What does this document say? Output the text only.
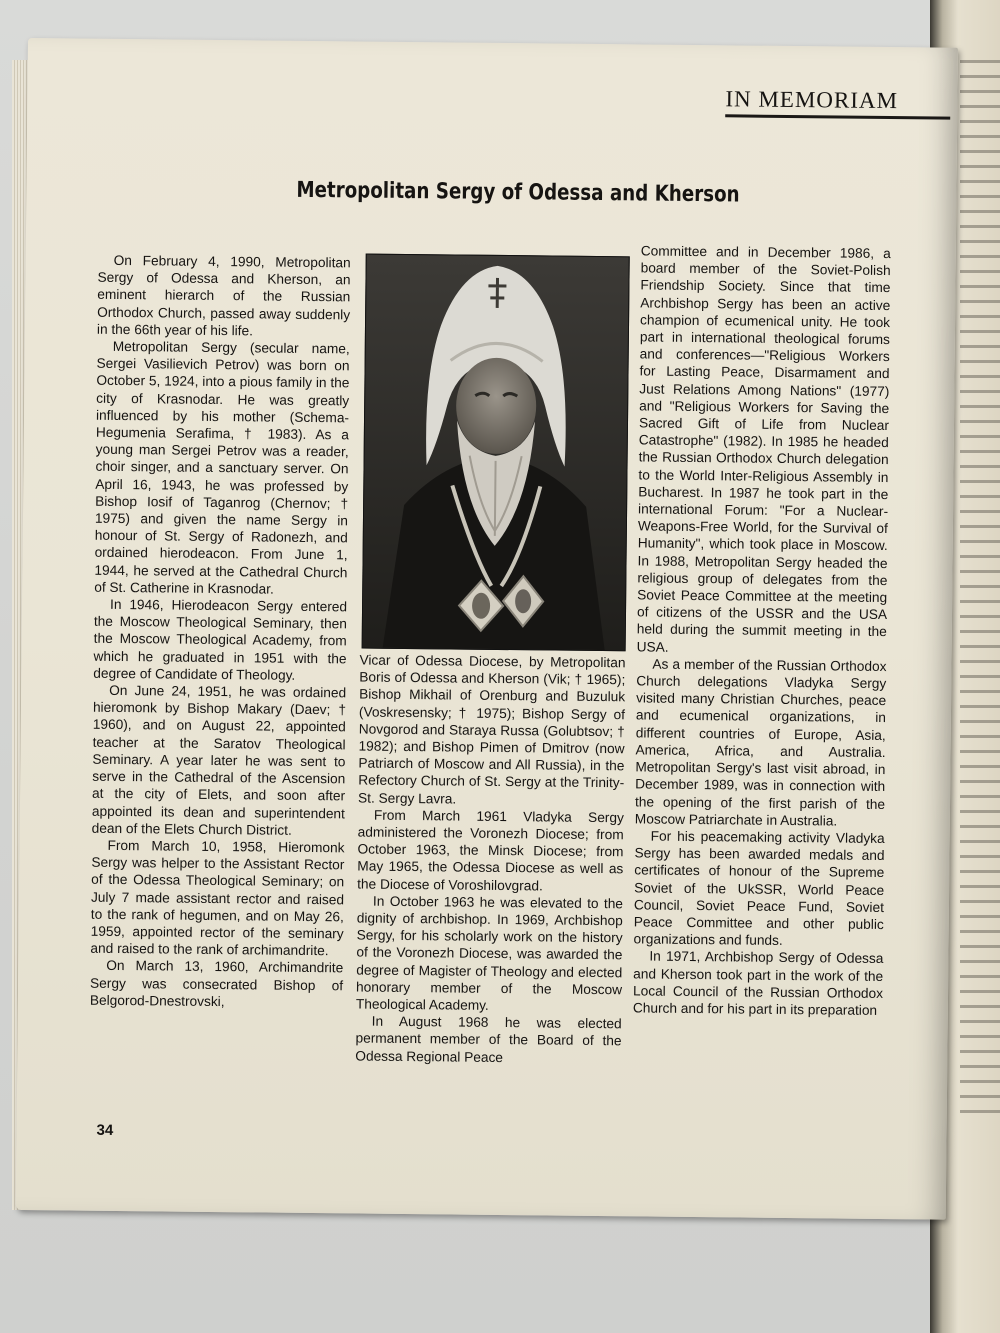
IN MEMORIAM
Metropolitan Sergy of Odessa and Kherson

On February 4, 1990, Metropolitan Sergy of Odessa and Kherson, an eminent hierarch of the Russian Orthodox Church, passed away suddenly in the 66th year of his life.

Metropolitan Sergy (secular name, Sergei Vasilievich Petrov) was born on October 5, 1924, into a pious family in the city of Krasnodar. He was greatly influenced by his mother (Schema-Hegumenia Serafima, † 1983). As a young man Sergei Petrov was a reader, choir singer, and a sanctuary server. On April 16, 1943, he was professed by Bishop Iosif of Taganrog (Chernov; † 1975) and given the name Sergy in honour of St. Sergy of Radonezh, and ordained hierodeacon. From June 1, 1944, he served at the Cathedral Church of St. Catherine in Krasnodar.

In 1946, Hierodeacon Sergy entered the Moscow Theological Seminary, then the Moscow Theological Academy, from which he graduated in 1951 with the degree of Candidate of Theology.

On June 24, 1951, he was ordained hieromonk by Bishop Makary (Daev; † 1960), and on August 22, appointed teacher at the Saratov Theological Seminary. A year later he was sent to serve in the Cathedral of the Ascension at the city of Elets, and soon after appointed its dean and superintendent dean of the Elets Church District.

From March 10, 1958, Hieromonk Sergy was helper to the Assistant Rector of the Odessa Theological Seminary; on July 7 made assistant rector and raised to the rank of hegumen, and on May 26, 1959, appointed rector of the seminary and raised to the rank of archimandrite.

On March 13, 1960, Archimandrite Sergy was consecrated Bishop of Belgorod-Dnestrovski,

Vicar of Odessa Diocese, by Metropolitan Boris of Odessa and Kherson (Vik; † 1965); Bishop Mikhail of Orenburg and Buzuluk (Voskresensky; † 1975); Bishop Sergy of Novgorod and Staraya Russa (Golubtsov; † 1982); and Bishop Pimen of Dmitrov (now Patriarch of Moscow and All Russia), in the Refectory Church of St. Sergy at the Trinity-St. Sergy Lavra.

From March 1961 Vladyka Sergy administered the Voronezh Diocese; from October 1963, the Minsk Diocese; from May 1965, the Odessa Diocese as well as the Diocese of Voroshilovgrad.

In October 1963 he was elevated to the dignity of archbishop. In 1969, Archbishop Sergy, for his scholarly work on the history of the Voronezh Diocese, was awarded the degree of Magister of Theology and elected honorary member of the Moscow Theological Academy.

In August 1968 he was elected permanent member of the Board of the Odessa Regional Peace

Committee and in December 1986, a board member of the Soviet-Polish Friendship Society. Since that time Archbishop Sergy has been an active champion of ecumenical unity. He took part in international theological forums and conferences—"Religious Workers for Lasting Peace, Disarmament and Just Relations Among Nations" (1977) and "Religious Workers for Saving the Sacred Gift of Life from Nuclear Catastrophe" (1982). In 1985 he headed the Russian Orthodox Church delegation to the World Inter-Religious Assembly in Bucharest. In 1987 he took part in the international Forum: "For a Nuclear-Weapons-Free World, for the Survival of Humanity", which took place in Moscow. In 1988, Metropolitan Sergy headed the religious group of delegates from the Soviet Peace Committee at the meeting of citizens of the USSR and the USA held during the summit meeting in the USA.

As a member of the Russian Orthodox Church delegations Vladyka Sergy visited many Christian Churches, peace and ecumenical organizations, in different countries of Europe, Asia, America, Africa, and Australia. Metropolitan Sergy's last visit abroad, in December 1989, was in connection with the opening of the first parish of the Moscow Patriarchate in Australia.

For his peacemaking activity Vladyka Sergy has been awarded medals and certificates of honour of the Supreme Soviet of the UkSSR, World Peace Council, Soviet Peace Fund, Soviet Peace Committee and other public organizations and funds.

In 1971, Archbishop Sergy of Odessa and Kherson took part in the work of the Local Council of the Russian Orthodox Church and for his part in its preparation

34
